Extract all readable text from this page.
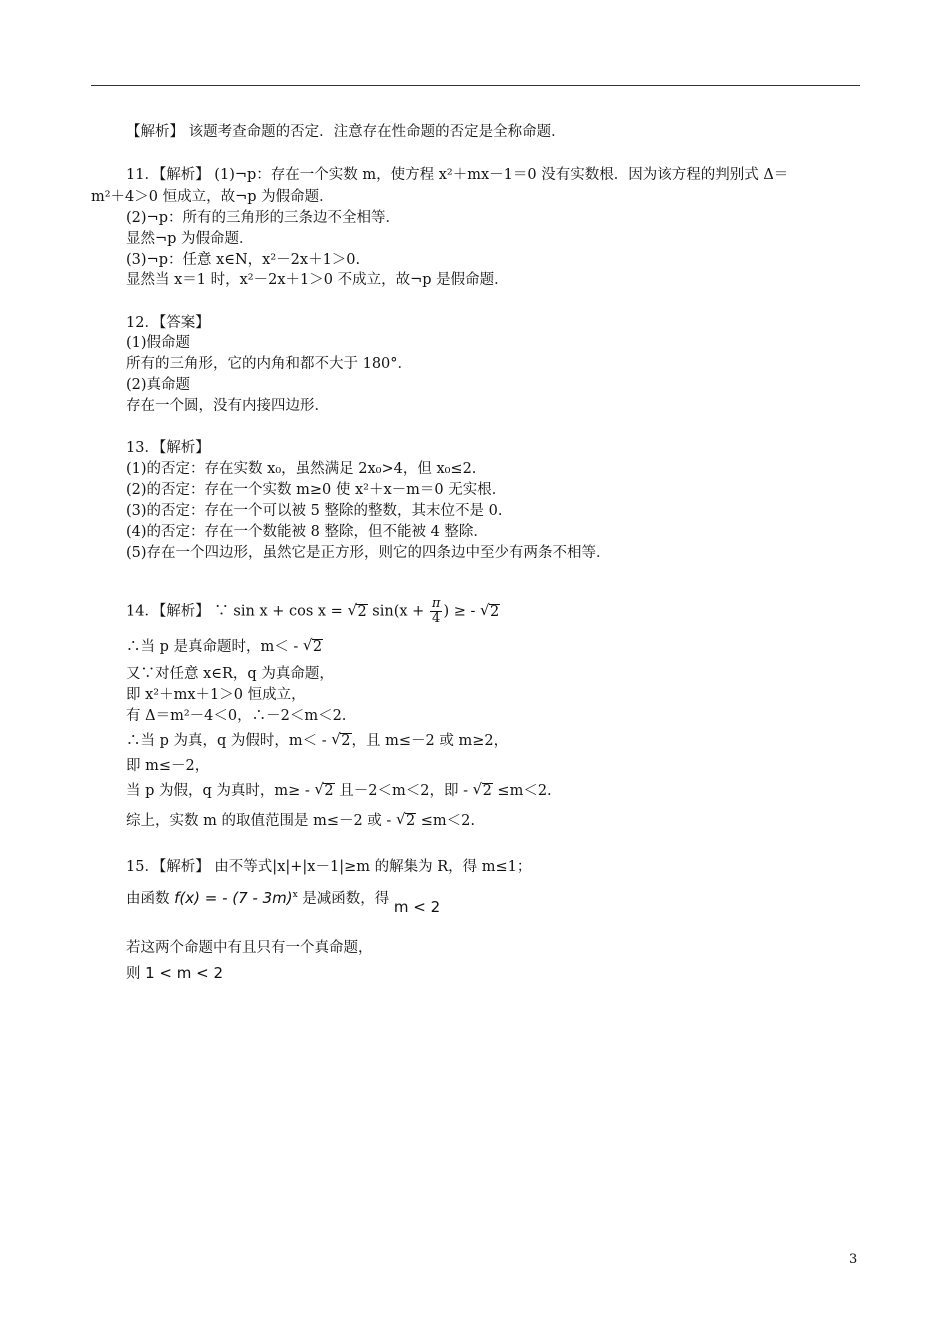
【解析】 该题考查命题的否定．注意存在性命题的否定是全称命题．
11．【解析】 (1)¬p：存在一个实数 m，使方程 x²＋mx－1＝0 没有实数根．因为该方程的判别式 Δ＝
m²＋4＞0 恒成立，故¬p 为假命题．
(2)¬p：所有的三角形的三条边不全相等．
显然¬p 为假命题．
(3)¬p：任意 x∈N，x²－2x＋1＞0.
显然当 x＝1 时，x²－2x＋1＞0 不成立，故¬p 是假命题．
12．【答案】
(1)假命题
所有的三角形，它的内角和都不大于 180°．
(2)真命题
存在一个圆，没有内接四边形．
13．【解析】
(1)的否定：存在实数 x₀，虽然满足 2x₀>4，但 x₀≤2.
(2)的否定：存在一个实数 m≥0 使 x²＋x－m＝0 无实根．
(3)的否定：存在一个可以被 5 整除的整数，其末位不是 0.
(4)的否定：存在一个数能被 8 整除，但不能被 4 整除．
(5)存在一个四边形，虽然它是正方形，则它的四条边中至少有两条不相等．
14．【解析】 ∵ sin x + cos x = √ 2 $\sin(x + \frac{\pi}{4}$ ) ≥ - √ 2
∴当 p 是真命题时，m＜ - √ 2
又∵对任意 x∈R，q 为真命题，
即 x²＋mx＋1＞0 恒成立，
有 Δ＝m²－4＜0，∴－2＜m＜2.
∴当 p 为真，q 为假时，m＜ - √ 2，且 m≤－2 或 m≥2，
即 m≤－2，
当 p 为假，q 为真时，m≥ - √ 2 且－2＜m＜2，即 - √ 2 ≤m＜2.
综上，实数 m 的取值范围是 m≤－2 或 - √ 2 ≤m＜2.
15．【解析】 由不等式|x|+|x－1|≥m 的解集为 R，得 m≤1；
由函数 f(x) = - (7 - 3m)$^x$ 是减函数，得 m < 2
若这两个命题中有且只有一个真命题，
则 1 < m < 2
3
